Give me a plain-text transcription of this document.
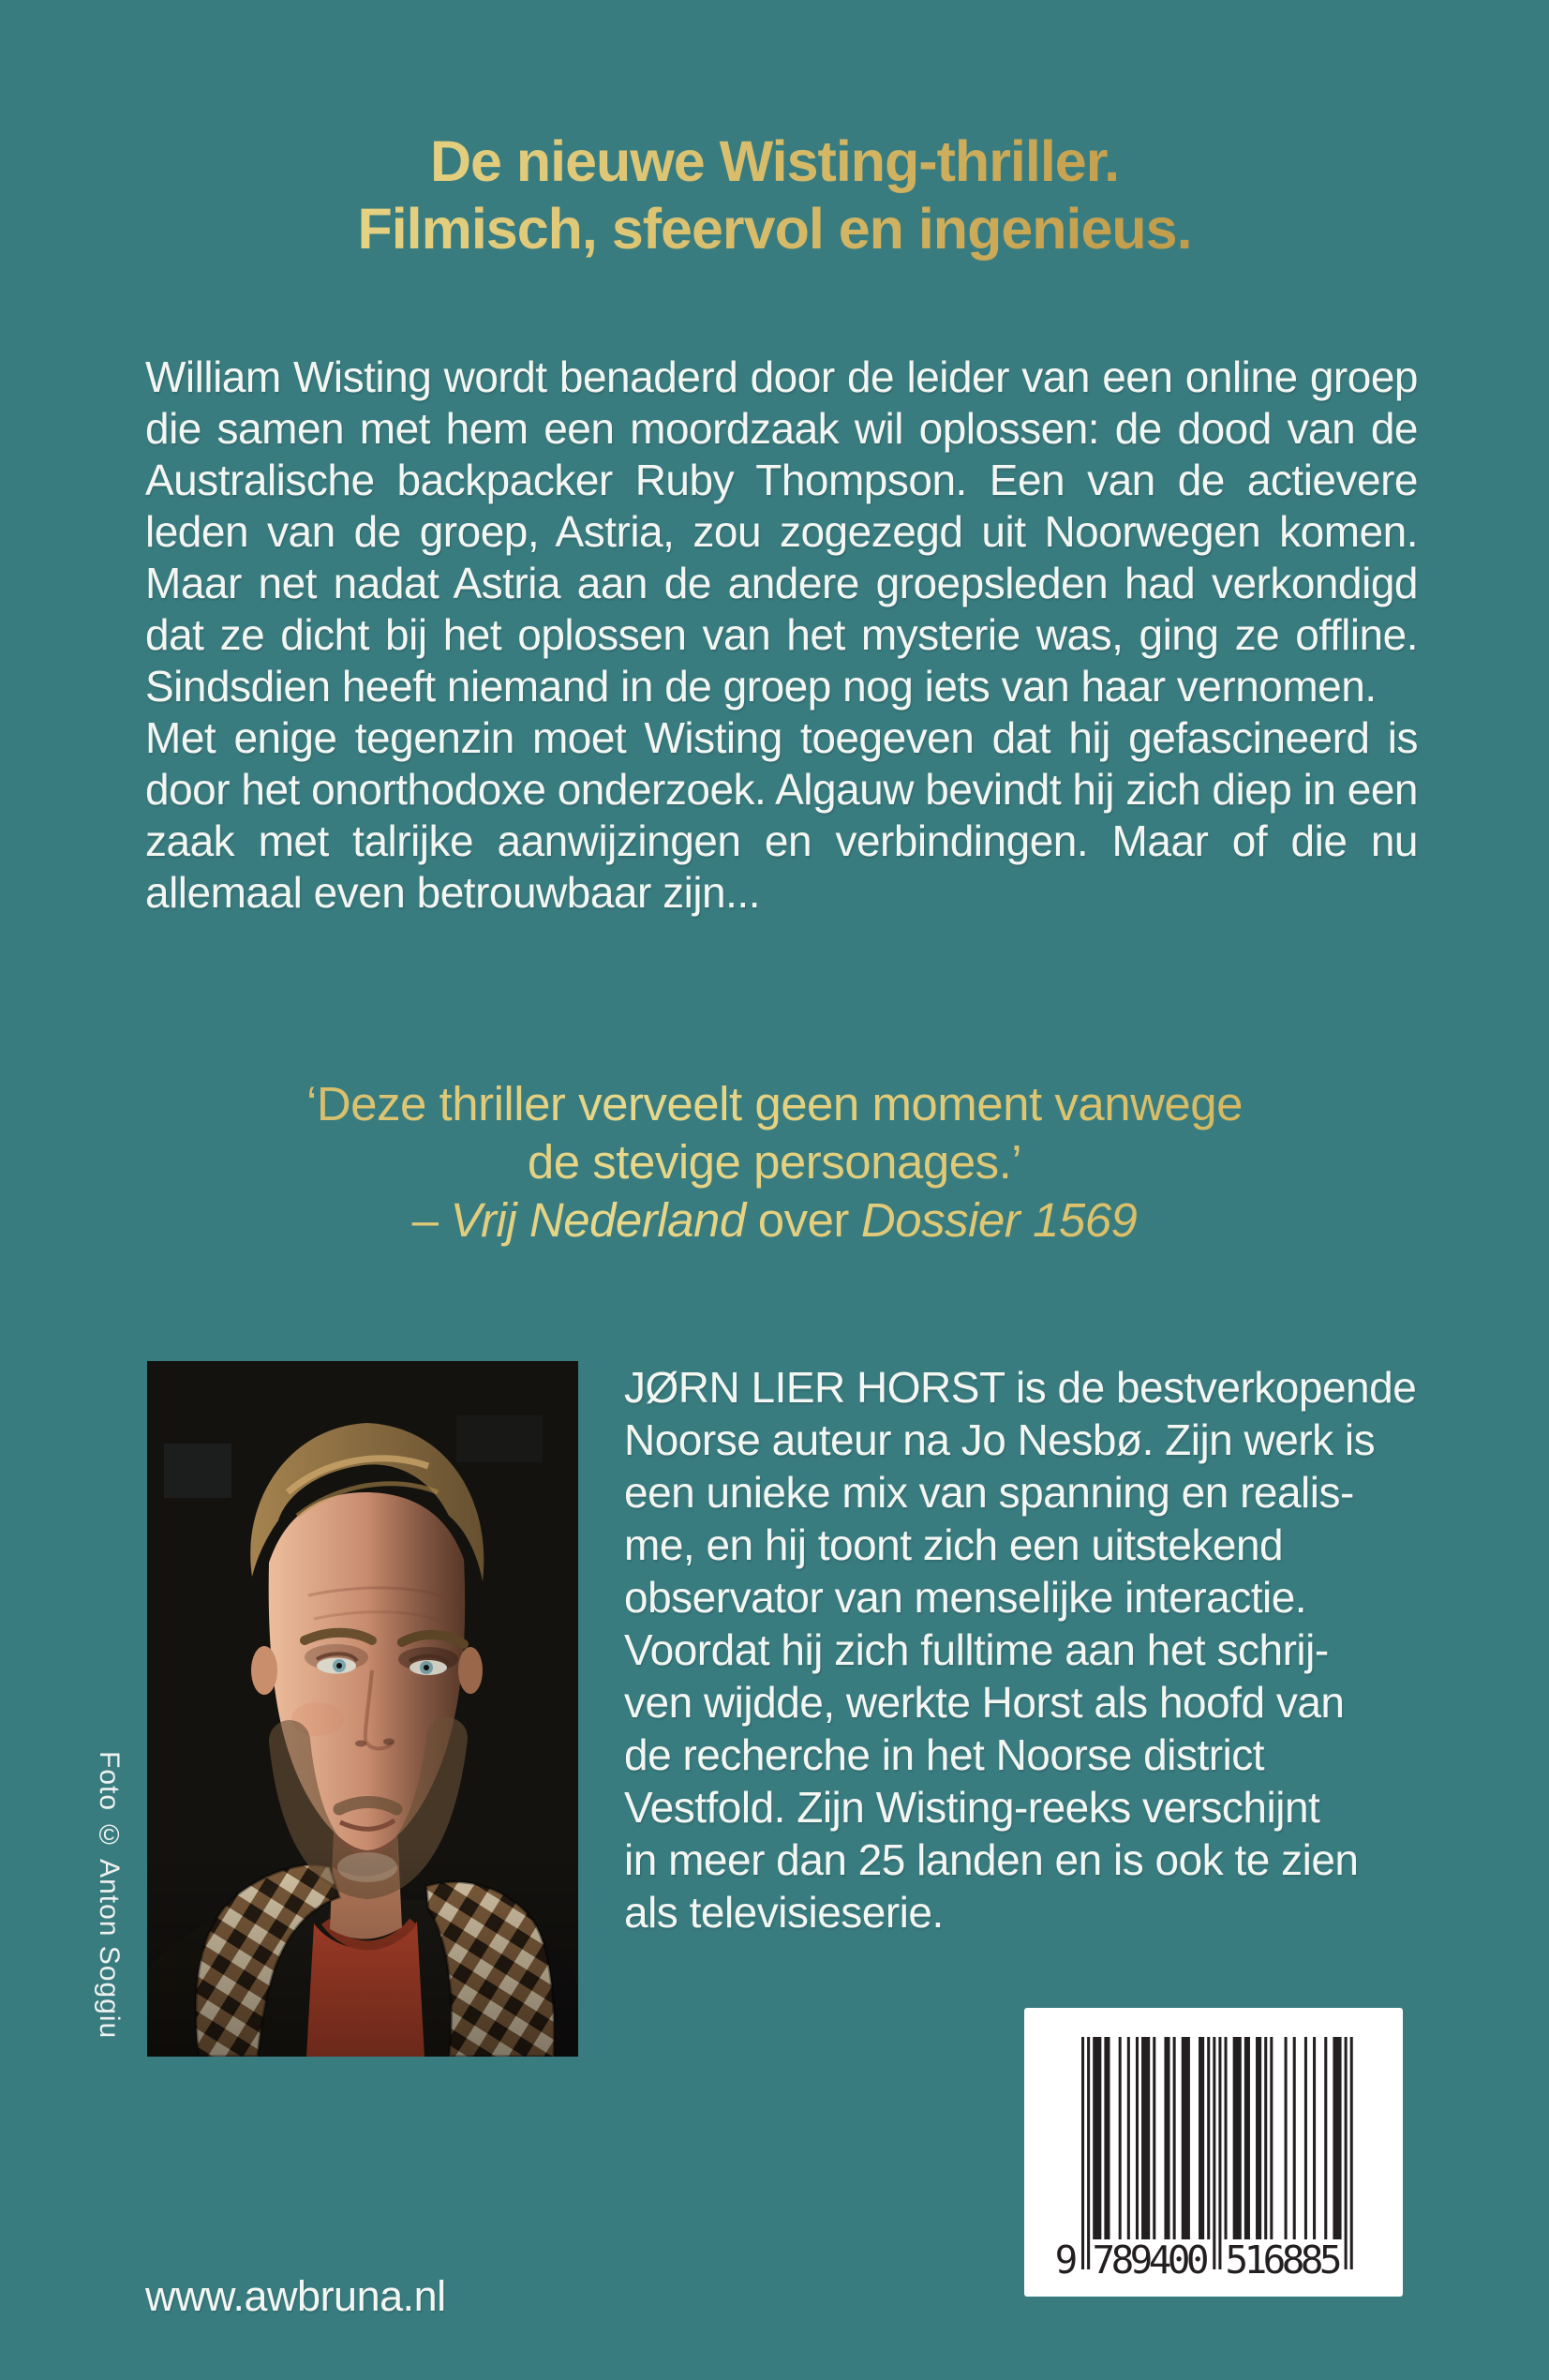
De nieuwe Wisting-thriller.
Filmisch, sfeervol en ingenieus.

William Wisting wordt benaderd door de leider van een online groep die samen met hem een moordzaak wil oplossen: de dood van de Australische backpacker Ruby Thompson. Een van de actievere leden van de groep, Astria, zou zogezegd uit Noorwegen komen. Maar net nadat Astria aan de andere groepsleden had verkondigd dat ze dicht bij het oplossen van het mysterie was, ging ze offline. Sindsdien heeft niemand in de groep nog iets van haar vernomen.

Met enige tegenzin moet Wisting toegeven dat hij gefascineerd is door het onorthodoxe onderzoek. Algauw bevindt hij zich diep in een zaak met talrijke aanwijzingen en verbindingen. Maar of die nu allemaal even betrouwbaar zijn...

‘Deze thriller verveelt geen moment vanwege
de stevige personages.’
– Vrij Nederland over Dossier 1569
Foto © Anton Soggiu
JØRN LIER HORST is de bestverkopende
Noorse auteur na Jo Nesbø. Zijn werk is
een unieke mix van spanning en realis-
me, en hij toont zich een uitstekend
observator van menselijke interactie.
Voordat hij zich fulltime aan het schrij-
ven wijdde, werkte Horst als hoofd van
de recherche in het Noorse district
Vestfold. Zijn Wisting-reeks verschijnt
in meer dan 25 landen en is ook te zien
als televisieserie.
www.awbruna.nl
9 789400 516885
